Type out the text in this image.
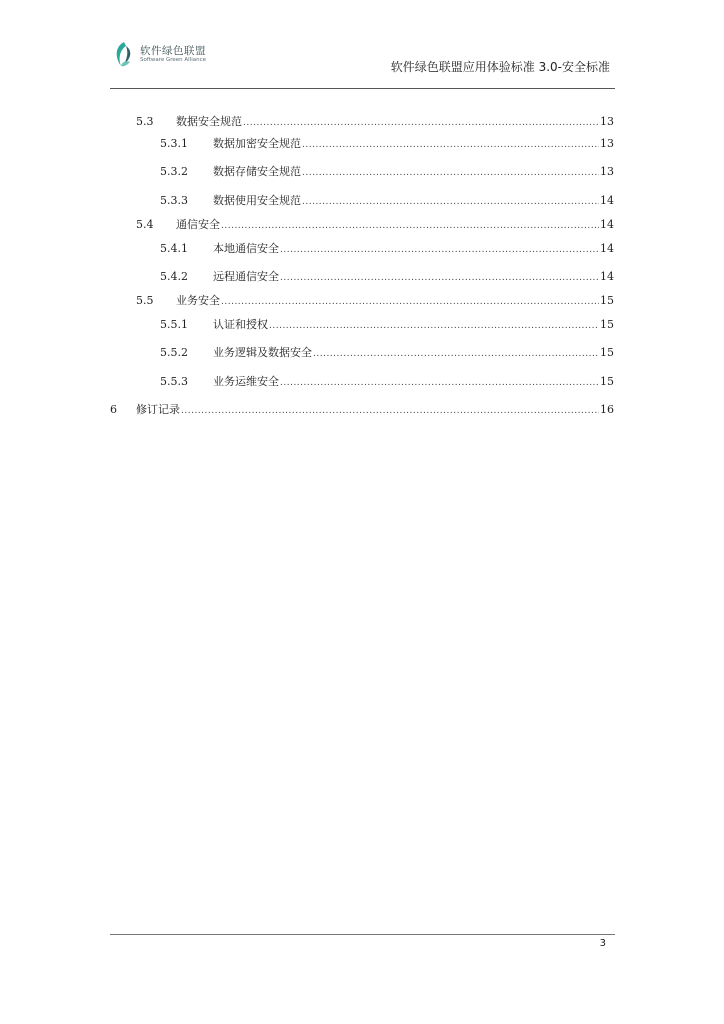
软件绿色联盟
Software Green Alliance	软件绿色联盟应用体验标准 3.0-安全标准
5.3	数据安全规范 .....	13
5.3.1	数据加密安全规范 .....	13
5.3.2	数据存储安全规范 .....	13
5.3.3	数据使用安全规范 .....	14
5.4	通信安全 .....	14
5.4.1	本地通信安全 .....	14
5.4.2	远程通信安全 .....	14
5.5	业务安全 .....	15
5.5.1	认证和授权 .....	15
5.5.2	业务逻辑及数据安全 .....	15
5.5.3	业务运维安全 .....	15
6	修订记录 .....	16
3
